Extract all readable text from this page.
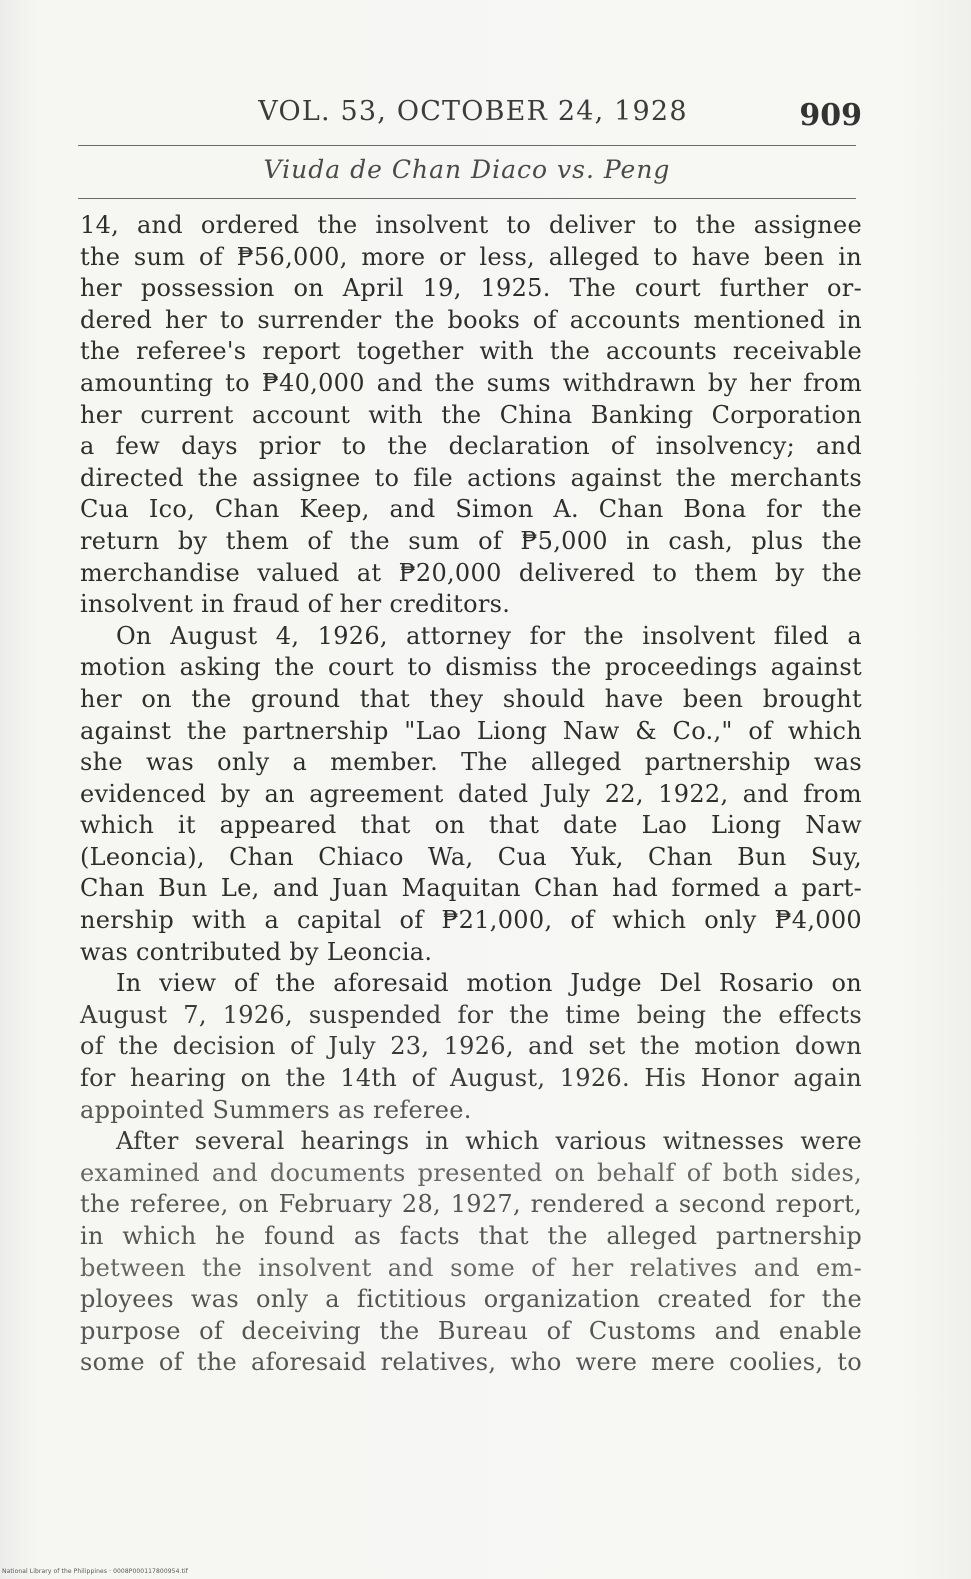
VOL. 53, OCTOBER 24, 1928	909
Viuda de Chan Diaco vs. Peng
14, and ordered the insolvent to deliver to the assignee
the sum of ₱56,000, more or less, alleged to have been in
her possession on April 19, 1925. The court further or-
dered her to surrender the books of accounts mentioned in
the referee's report together with the accounts receivable
amounting to ₱40,000 and the sums withdrawn by her from
her current account with the China Banking Corporation
a few days prior to the declaration of insolvency; and
directed the assignee to file actions against the merchants
Cua Ico, Chan Keep, and Simon A. Chan Bona for the
return by them of the sum of ₱5,000 in cash, plus the
merchandise valued at ₱20,000 delivered to them by the
insolvent in fraud of her creditors.
On August 4, 1926, attorney for the insolvent filed a
motion asking the court to dismiss the proceedings against
her on the ground that they should have been brought
against the partnership "Lao Liong Naw & Co.," of which
she was only a member. The alleged partnership was
evidenced by an agreement dated July 22, 1922, and from
which it appeared that on that date Lao Liong Naw
(Leoncia), Chan Chiaco Wa, Cua Yuk, Chan Bun Suy,
Chan Bun Le, and Juan Maquitan Chan had formed a part-
nership with a capital of ₱21,000, of which only ₱4,000
was contributed by Leoncia.
In view of the aforesaid motion Judge Del Rosario on
August 7, 1926, suspended for the time being the effects
of the decision of July 23, 1926, and set the motion down
for hearing on the 14th of August, 1926. His Honor again
appointed Summers as referee.
After several hearings in which various witnesses were
examined and documents presented on behalf of both sides,
the referee, on February 28, 1927, rendered a second report,
in which he found as facts that the alleged partnership
between the insolvent and some of her relatives and em-
ployees was only a fictitious organization created for the
purpose of deceiving the Bureau of Customs and enable
some of the aforesaid relatives, who were mere coolies, to
National Library of the Philippines · 0008P000117800954.tif
